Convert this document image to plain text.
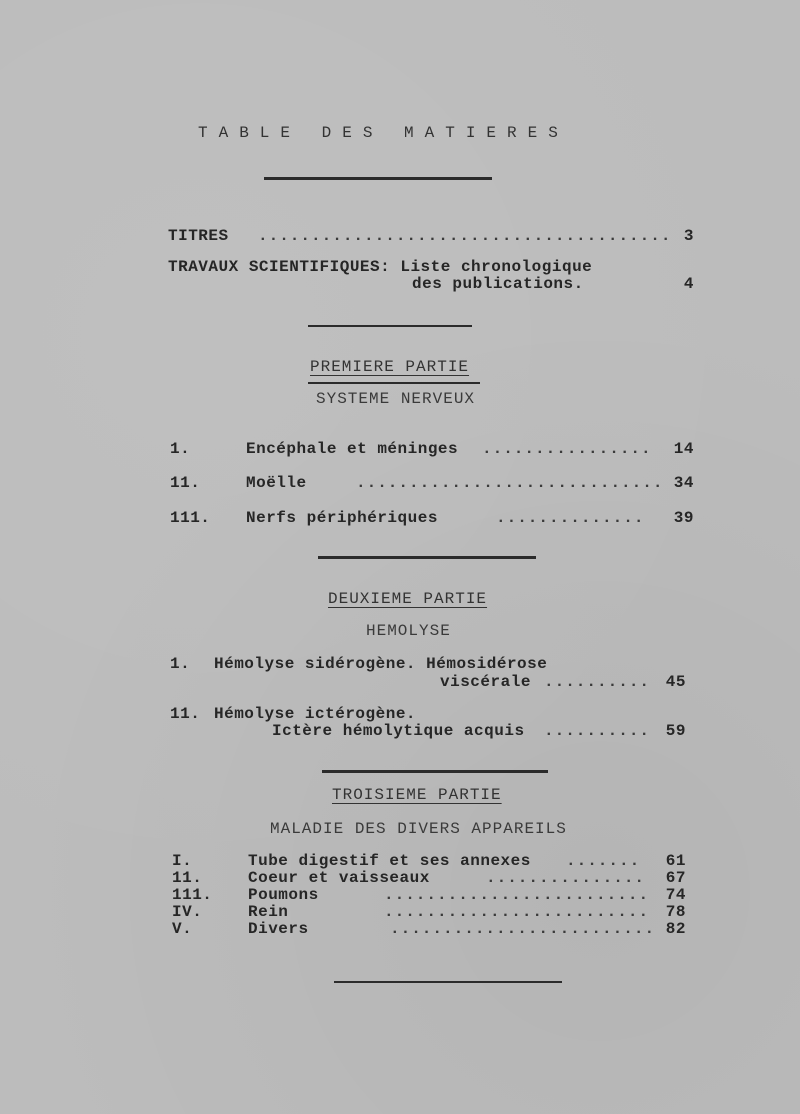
TABLE DES MATIERES
TITRES ....................................... 3
TRAVAUX SCIENTIFIQUES: Liste chronologique
des publications.	4
PREMIERE PARTIE
SYSTEME NERVEUX
1.	Encéphale et méninges ................	14
11.	Moëlle	............................. 34
111. Nerfs périphériques	..............	39
DEUXIEME PARTIE
HEMOLYSE
1. Hémolyse sidérogène. Hémosidérose
viscérale .......... 45
11. Hémolyse ictérogène.
Ictère hémolytique acquis .......... 59
TROISIEME PARTIE
MALADIE DES DIVERS APPAREILS
I.	Tube digestif et ses annexes .......	61
11.	Coeur et vaisseaux	...............	67
111. Poumons	.........................	74
IV.	Rein	.........................	78
V.	Divers	......................... 82
